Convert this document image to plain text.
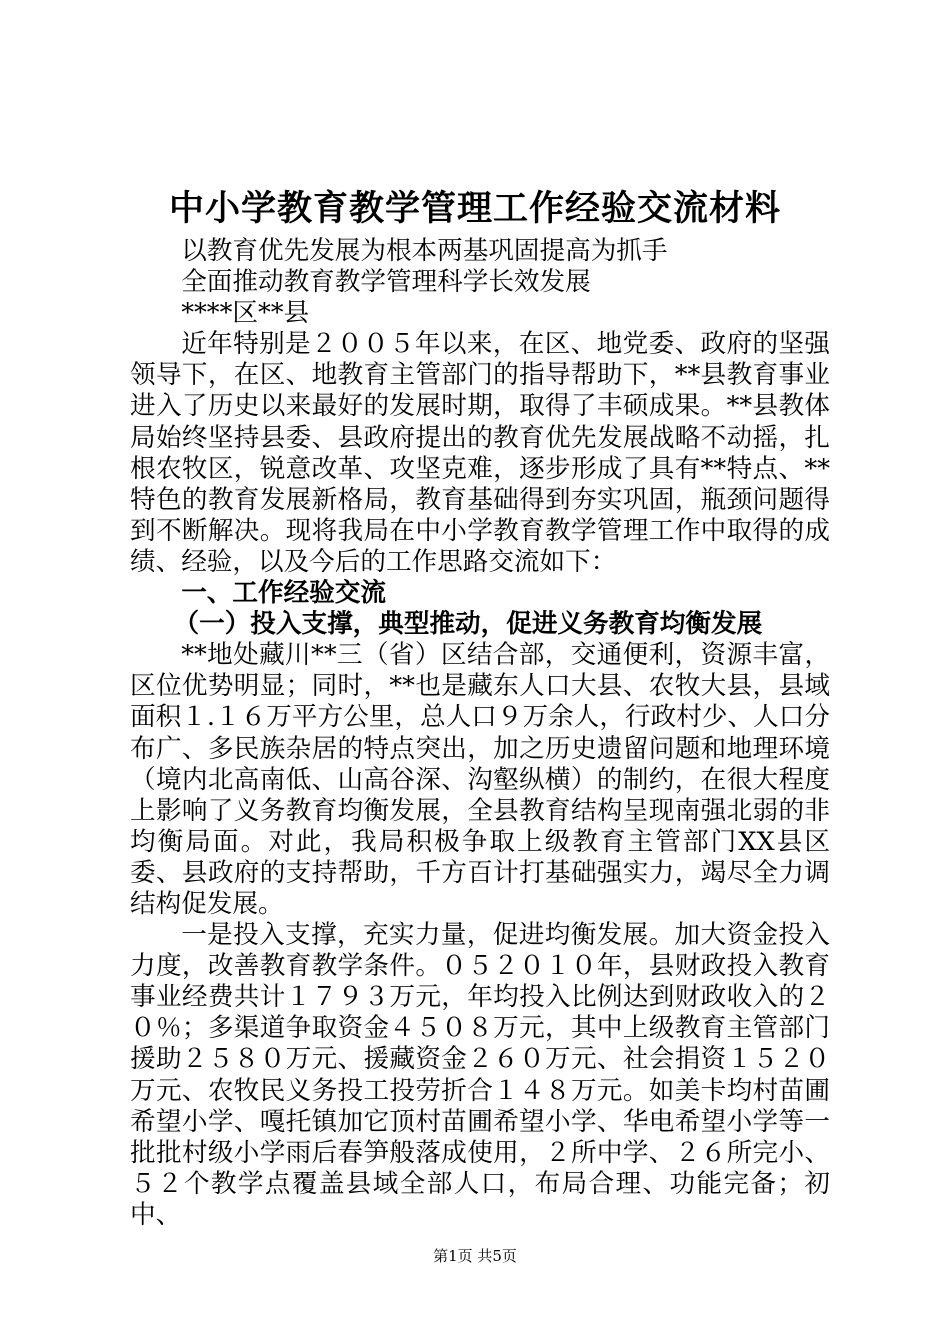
中小学教育教学管理工作经验交流材料

以教育优先发展为根本两基巩固提高为抓手

全面推动教育教学管理科学长效发展

****区**县

近年特别是２００５年以来，在区、地党委、政府的坚强领导下，在区、地教育主管部门的指导帮助下，**县教育事业进入了历史以来最好的发展时期，取得了丰硕成果。**县教体局始终坚持县委、县政府提出的教育优先发展战略不动摇，扎根农牧区，锐意改革、攻坚克难，逐步形成了具有**特点、**特色的教育发展新格局，教育基础得到夯实巩固，瓶颈问题得到不断解决。现将我局在中小学教育教学管理工作中取得的成绩、经验，以及今后的工作思路交流如下：

一、工作经验交流

（一）投入支撑，典型推动，促进义务教育均衡发展

**地处藏川**三（省）区结合部，交通便利，资源丰富，区位优势明显；同时，**也是藏东人口大县、农牧大县，县域面积１.１６万平方公里，总人口９万余人，行政村少、人口分布广、多民族杂居的特点突出，加之历史遗留问题和地理环境（境内北高南低、山高谷深、沟壑纵横）的制约，在很大程度上影响了义务教育均衡发展，全县教育结构呈现南强北弱的非均衡局面。对此，我局积极争取上级教育主管部门XX县区委、县政府的支持帮助，千方百计打基础强实力，竭尽全力调结构促发展。

一是投入支撑，充实力量，促进均衡发展。加大资金投入力度，改善教育教学条件。０５２０１０年，县财政投入教育事业经费共计１７９３万元，年均投入比例达到财政收入的２０％；多渠道争取资金４５０８万元，其中上级教育主管部门援助２５８０万元、援藏资金２６０万元、社会捐资１５２０万元、农牧民义务投工投劳折合１４８万元。如美卡均村苗圃希望小学、嘎托镇加它顶村苗圃希望小学、华电希望小学等一批批村级小学雨后春笋般落成使用，２所中学、２６所完小、５２个教学点覆盖县域全部人口，布局合理、功能完备；初中、

第1页 共5页
